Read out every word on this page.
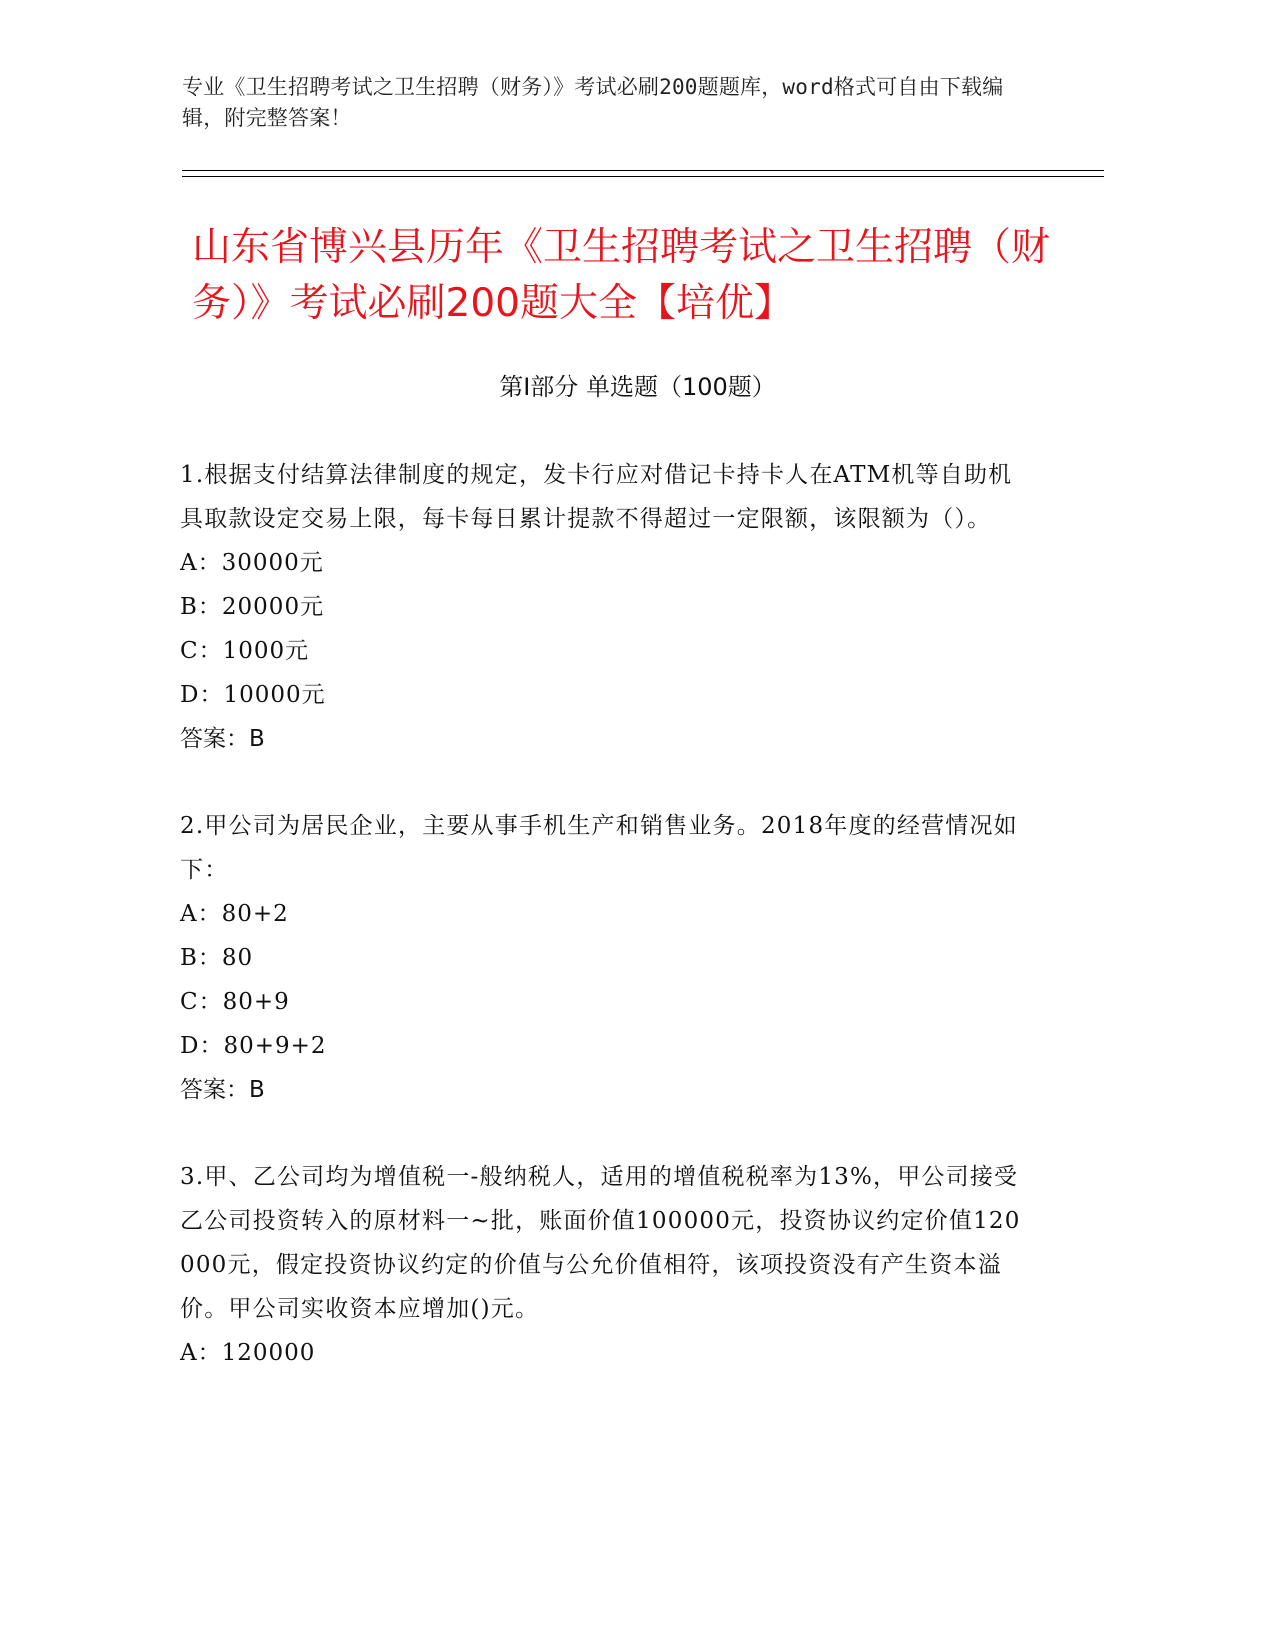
专业《卫生招聘考试之卫生招聘（财务）》考试必刷200题题库，word格式可自由下载编辑，附完整答案！
山东省博兴县历年《卫生招聘考试之卫生招聘（财务）》考试必刷200题大全【培优】
第Ⅰ部分 单选题（100题）

1.根据支付结算法律制度的规定，发卡行应对借记卡持卡人在ATM机等自助机具取款设定交易上限，每卡每日累计提款不得超过一定限额，该限额为（）。

A：30000元
B：20000元
C：1000元
D：10000元

答案：B

2.甲公司为居民企业，主要从事手机生产和销售业务。2018年度的经营情况如下：

A：80+2
B：80
C：80+9
D：80+9+2

答案：B

3.甲、乙公司均为增值税一-般纳税人，适用的增值税税率为13%，甲公司接受乙公司投资转入的原材料一~批，账面价值100000元，投资协议约定价值120000元，假定投资协议约定的价值与公允价值相符，该项投资没有产生资本溢价。甲公司实收资本应增加()元。

A：120000
